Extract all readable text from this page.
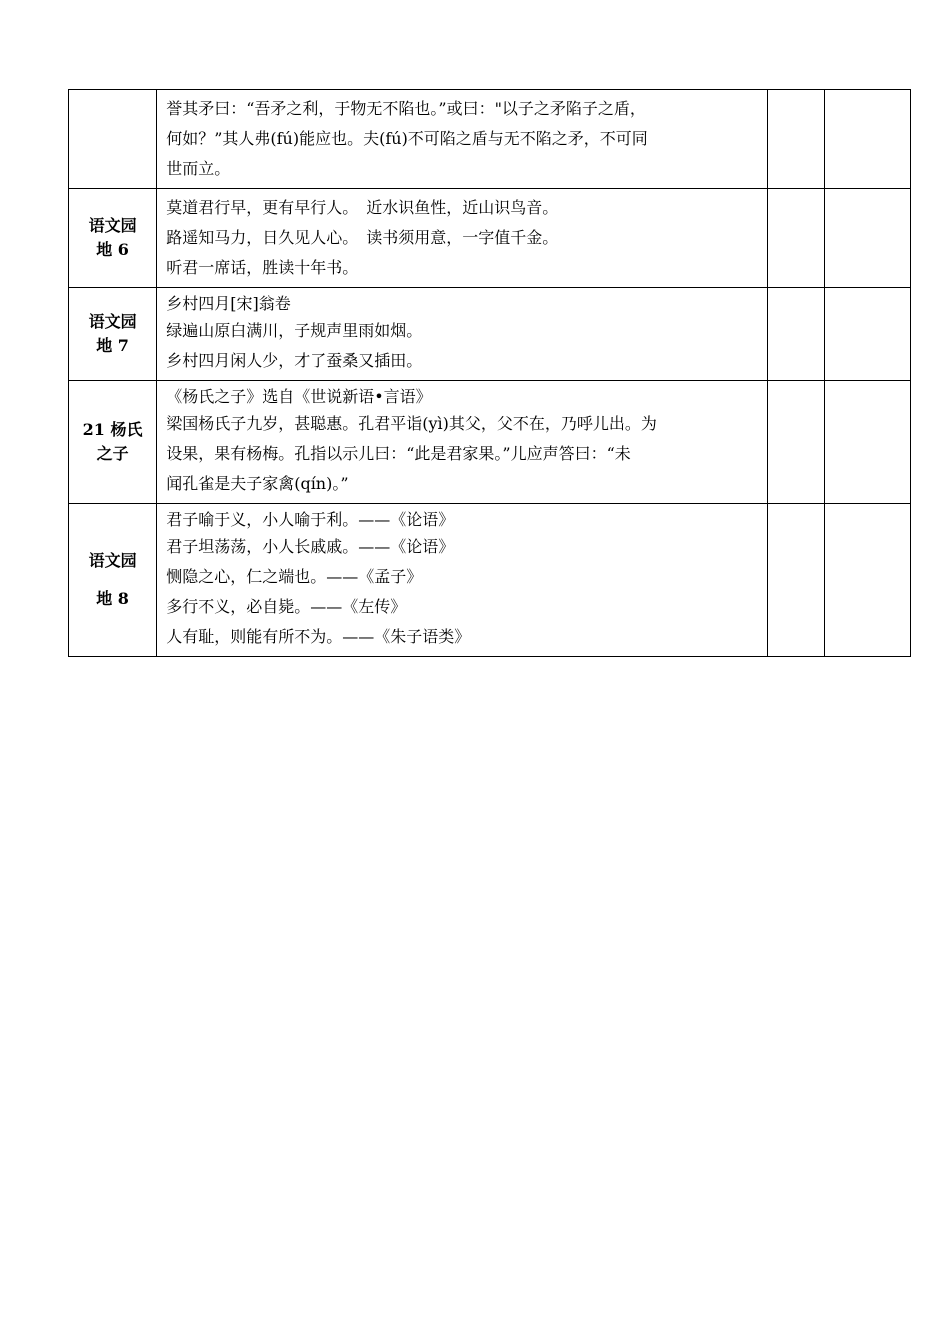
	誉其矛曰：“吾矛之利，于物无不陷也。”或曰："以子之矛陷子之盾，
何如？”其人弗(fú)能应也。夫(fú)不可陷之盾与无不陷之矛，不可同
世而立。		

语文园
地 6	莫道君行早，更有早行人。　近水识鱼性，近山识鸟音。
路遥知马力，日久见人心。　读书须用意，一字值千金。
听君一席话，胜读十年书。		

语文园
地 7	乡村四月[宋]翁卷
绿遍山原白满川，子规声里雨如烟。
乡村四月闲人少，才了蚕桑又插田。		

21 杨氏
之子	《杨氏之子》选自《世说新语•言语》
梁国杨氏子九岁，甚聪惠。孔君平诣(yì)其父，父不在，乃呼儿出。为
设果，果有杨梅。孔指以示儿曰：“此是君家果。”儿应声答曰：“未
闻孔雀是夫子家禽(qín)。”		

语文园
地 8	君子喻于义，小人喻于利。——《论语》
君子坦荡荡，小人长戚戚。——《论语》
恻隐之心，仁之端也。——《孟子》
多行不义，必自毙。——《左传》
人有耻，则能有所不为。——《朱子语类》		
